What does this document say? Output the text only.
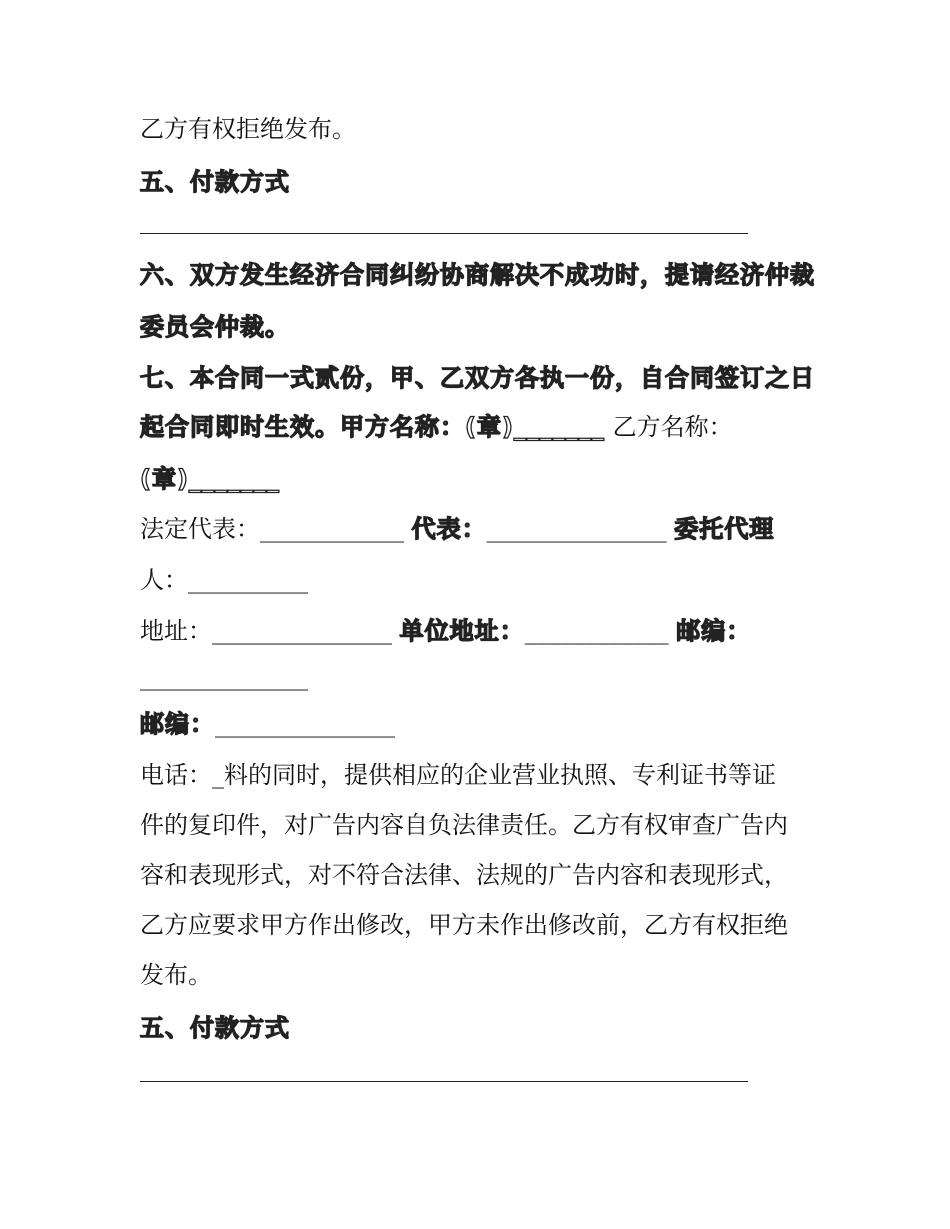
乙方有权拒绝发布。
五、付款方式
六、双方发生经济合同纠纷协商解决不成功时，提请经济仲裁
委员会仲裁。
七、本合同一式贰份，甲、乙双方各执一份，自合同签订之日
起合同即时生效。甲方名称：(章)_______ 乙方名称：
(章)_______
法定代表：____________ 代表：_______________ 委托代理
人：__________
地址：_______________ 单位地址：____________ 邮编：
______________
邮编：_______________
电话：_料的同时，提供相应的企业营业执照、专利证书等证
件的复印件，对广告内容自负法律责任。乙方有权审查广告内
容和表现形式，对不符合法律、法规的广告内容和表现形式，
乙方应要求甲方作出修改，甲方未作出修改前，乙方有权拒绝
发布。
五、付款方式
